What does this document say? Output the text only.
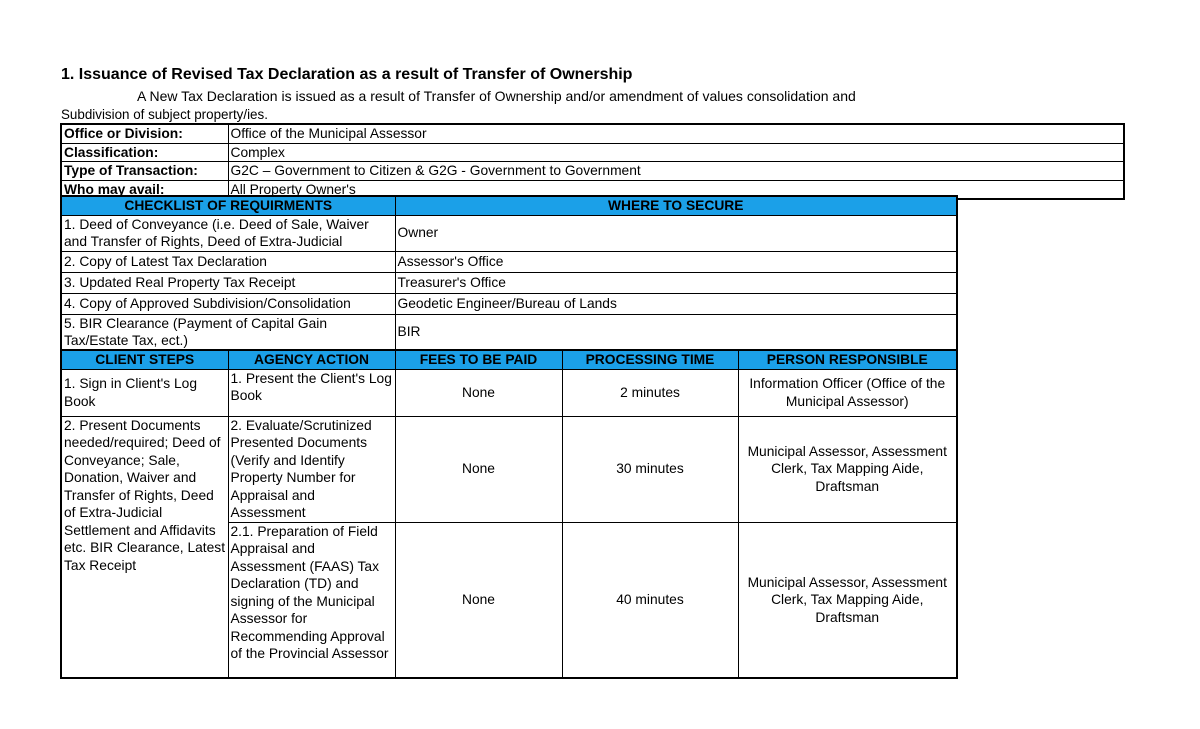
1. Issuance of Revised Tax Declaration as a result of Transfer of Ownership
A New Tax Declaration is issued as a result of Transfer of Ownership and/or amendment of values consolidation and
Subdivision of subject property/ies.
Office or Division:	Office of the Municipal Assessor
Classification:	Complex
Type of Transaction:	G2C – Government to Citizen & G2G - Government to Government
Who may avail:	All Property Owner's
CHECKLIST OF REQUIRMENTS	WHERE TO SECURE
1. Deed of Conveyance (i.e. Deed of Sale, Waiver and Transfer of Rights, Deed of Extra-Judicial	Owner
2. Copy of Latest Tax Declaration	Assessor's Office
3. Updated Real Property Tax Receipt	Treasurer's Office
4. Copy of Approved Subdivision/Consolidation	Geodetic Engineer/Bureau of Lands
5. BIR Clearance (Payment of Capital Gain Tax/Estate Tax, ect.)	BIR
CLIENT STEPS	AGENCY ACTION	FEES TO BE PAID	PROCESSING TIME	PERSON RESPONSIBLE
1. Sign in Client's Log Book	1. Present the Client's Log Book	None	2 minutes	Information Officer (Office of the Municipal Assessor)
2. Present Documents needed/required; Deed of Conveyance; Sale, Donation, Waiver and Transfer of Rights, Deed of Extra-Judicial Settlement and Affidavits etc. BIR Clearance, Latest Tax Receipt	2. Evaluate/Scrutinized Presented Documents (Verify and Identify Property Number for Appraisal and Assessment	None	30 minutes	Municipal Assessor, Assessment Clerk, Tax Mapping Aide, Draftsman
	2.1. Preparation of Field Appraisal and Assessment (FAAS) Tax Declaration (TD) and signing of the Municipal Assessor for Recommending Approval of the Provincial Assessor	None	40 minutes	Municipal Assessor, Assessment Clerk, Tax Mapping Aide, Draftsman
